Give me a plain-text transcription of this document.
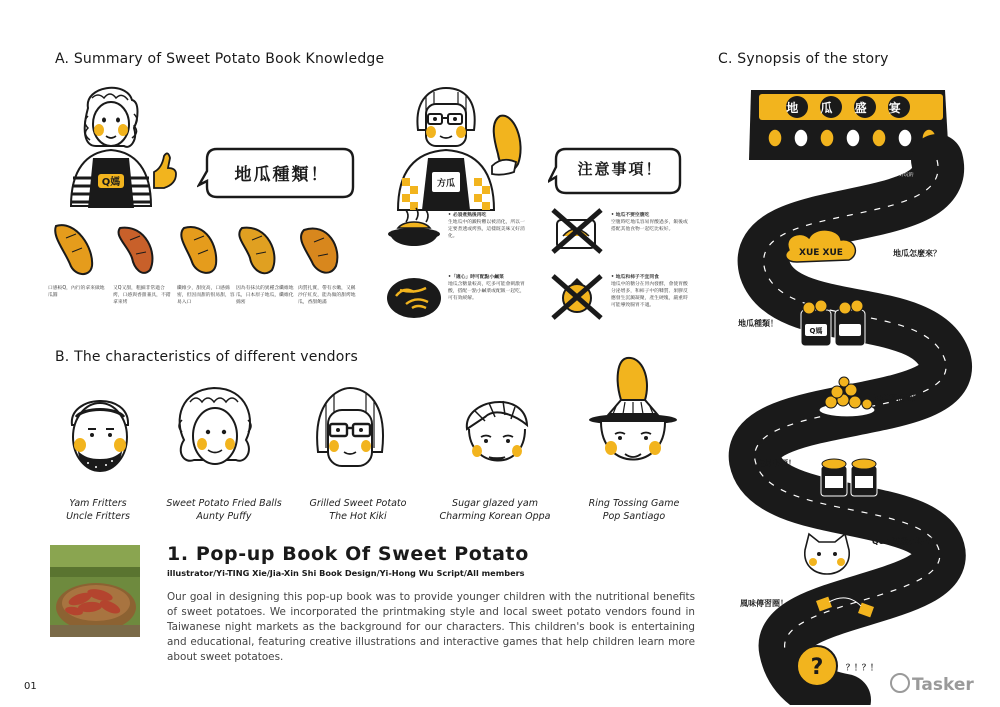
A. Summary of Sweet Potato Book Knowledge
Q媽	地瓜種類！
口感較Q，內行的拿來做地瓜圓
又Q又甜，粗細非常適合烤，口感與香甜兼具，不錯拿來烤
纖維少，甜度高，口感綿密，但因而甜的很易甜，容易入口
因為有抹汰的異種含纖維地瓜，日本原子地瓜，纖維化綿密
肉質扎實，帶有水嫩，又稱沙仔紅皮，能為做的甜烤地瓜，香甜飽滿
方瓜
注意事項！
• 必須煮熟後再吃
生地瓜中的澱粉難以被消化，所以一定要煮透或烤熟，這樣既美味又好消化。
• 地瓜不要空腹吃
空腹時吃地瓜容易胃酸過多，飯後或搭配其他食物一起吃比較好。
•「適心」時可配點小鹹菜
地瓜含糖量較高，吃多可能會刺激胃酸，搭配一點小鹹菜或配飯一起吃，可有效緩解。
• 地瓜和柿子不宜同食
地瓜中的糖分在胃內發酵，會使胃酸分泌增多，和柿子中的鞣質、果膠反應發生沉澱凝聚，產生硬塊，嚴重時可能導致腸胃不適。
B. The characteristics of different vendors
Yam Fritters
Uncle Fritters
Sweet Potato Fried Balls
Aunty Puffy
Grilled Sweet Potato
The Hot Kiki
Sugar glazed yam
Charming Korean Oppa
Ring Tossing Game
Pop Santiago
1. Pop-up Book Of Sweet Potato
illustrator/Yi-TING Xie/Jia-Xin Shi Book Design/Yi-Hong Wu Script/All members
Our goal in designing this pop-up book was to provide younger children with the nutritional benefits of sweet potatoes. We incorporated the printmaking style and local sweet potato vendors found in Taiwanese night markets as the background for our characters. This children's book is entertaining and educational, featuring creative illustrations and interactive games that help children learn more about sweet potatoes.
C. Synopsis of the story
地 瓜 盛 宴
XUE XUE
Q媽
?
今天是一年一度的「地瓜盛宴」即將要開始，所有人都在準備，來看看今年的活動「地瓜嘉年」，有很多好玩的遊戲，一起去看看吧！(Let's Go!)
地瓜怎麼來？
地瓜種類！
地瓜製備過？
注意事項！
Q&A遊戲小時間？
風味傳習圈！
？！？！
01	Tasker
